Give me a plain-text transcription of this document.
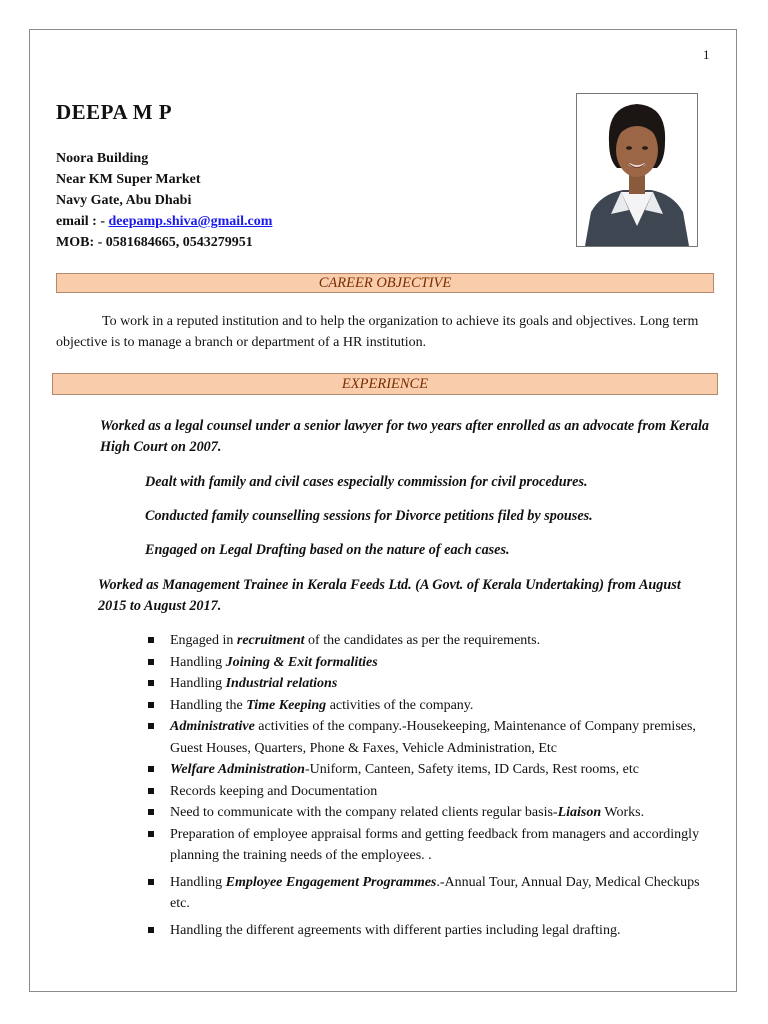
1
DEEPA M P
Noora Building
Near KM Super Market
Navy Gate, Abu Dhabi
email : - deepamp.shiva@gmail.com
MOB: - 0581684665, 0543279951
CAREER OBJECTIVE
To work in a reputed institution and to help the organization to achieve its goals and objectives. Long term objective is to manage a branch or department of a HR institution.
EXPERIENCE
Worked as a legal counsel under a senior lawyer for two years after enrolled as an advocate from Kerala High Court on 2007.
Dealt with family and civil cases especially commission for civil procedures.
Conducted family counselling sessions for Divorce petitions filed by spouses.
Engaged on Legal Drafting based on the nature of each cases.
Worked as Management Trainee in Kerala Feeds Ltd. (A Govt. of Kerala Undertaking) from August 2015 to August 2017.
Engaged in recruitment of the candidates as per the requirements.
Handling Joining & Exit formalities
Handling Industrial relations
Handling the Time Keeping activities of the company.
Administrative activities of the company.-Housekeeping, Maintenance of Company premises, Guest Houses, Quarters, Phone & Faxes, Vehicle Administration, Etc
Welfare Administration-Uniform, Canteen, Safety items, ID Cards, Rest rooms, etc
Records keeping and Documentation
Need to communicate with the company related clients regular basis-Liaison Works.
Preparation of employee appraisal forms and getting feedback from managers and accordingly planning the training needs of the employees. .
Handling Employee Engagement Programmes.-Annual Tour, Annual Day, Medical Checkups etc.
Handling the different agreements with different parties including legal drafting.
